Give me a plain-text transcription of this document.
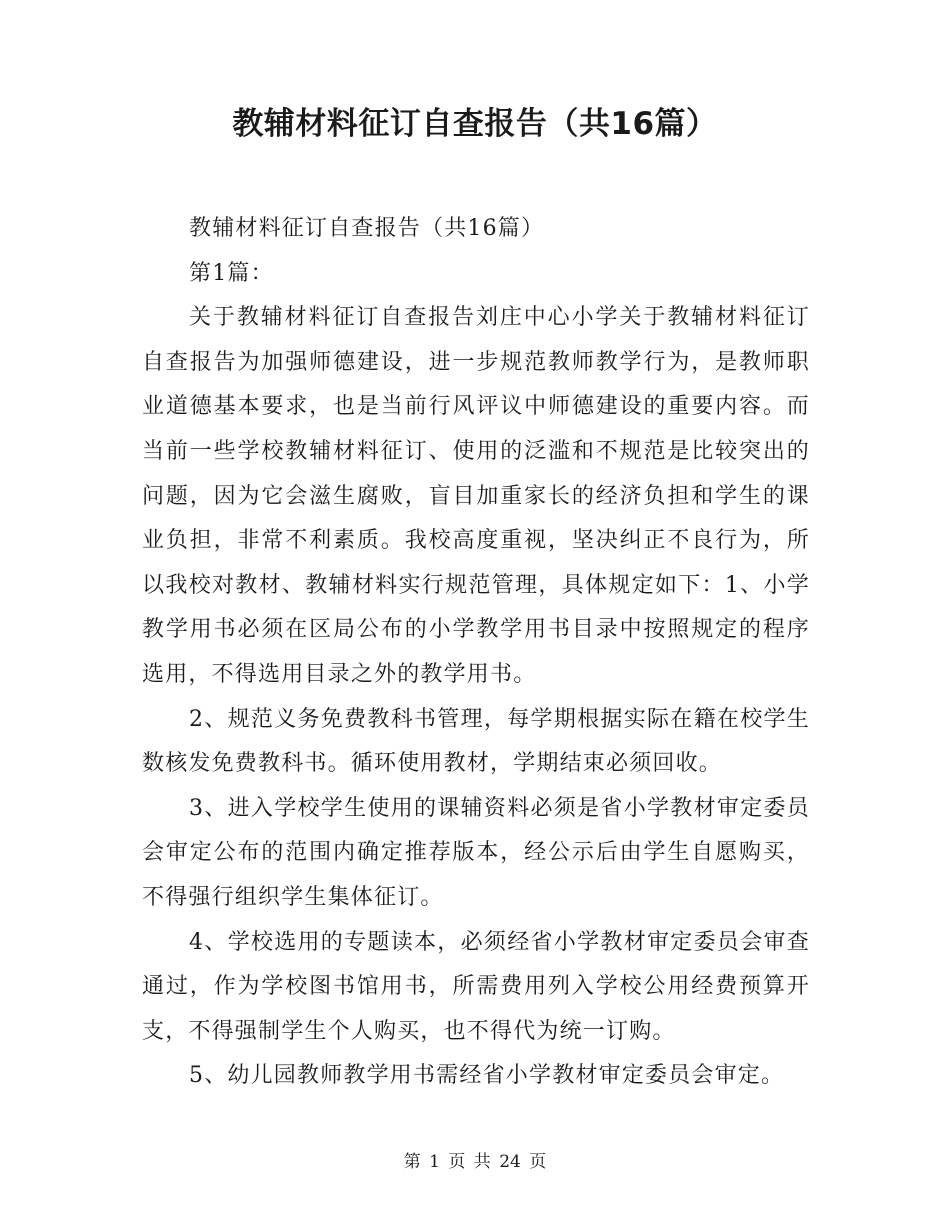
教辅材料征订自查报告（共16篇）

教辅材料征订自查报告（共16篇）

第1篇：

关于教辅材料征订自查报告刘庄中心小学关于教辅材料征订自查报告为加强师德建设，进一步规范教师教学行为，是教师职业道德基本要求，也是当前行风评议中师德建设的重要内容。而当前一些学校教辅材料征订、使用的泛滥和不规范是比较突出的问题，因为它会滋生腐败，盲目加重家长的经济负担和学生的课业负担，非常不利素质。我校高度重视，坚决纠正不良行为，所以我校对教材、教辅材料实行规范管理，具体规定如下：1、小学教学用书必须在区局公布的小学教学用书目录中按照规定的程序选用，不得选用目录之外的教学用书。

2、规范义务免费教科书管理，每学期根据实际在籍在校学生数核发免费教科书。循环使用教材，学期结束必须回收。

3、进入学校学生使用的课辅资料必须是省小学教材审定委员会审定公布的范围内确定推荐版本，经公示后由学生自愿购买，不得强行组织学生集体征订。

4、学校选用的专题读本，必须经省小学教材审定委员会审查通过，作为学校图书馆用书，所需费用列入学校公用经费预算开支，不得强制学生个人购买，也不得代为统一订购。

5、幼儿园教师教学用书需经省小学教材审定委员会审定。

第 1 页 共 24 页
